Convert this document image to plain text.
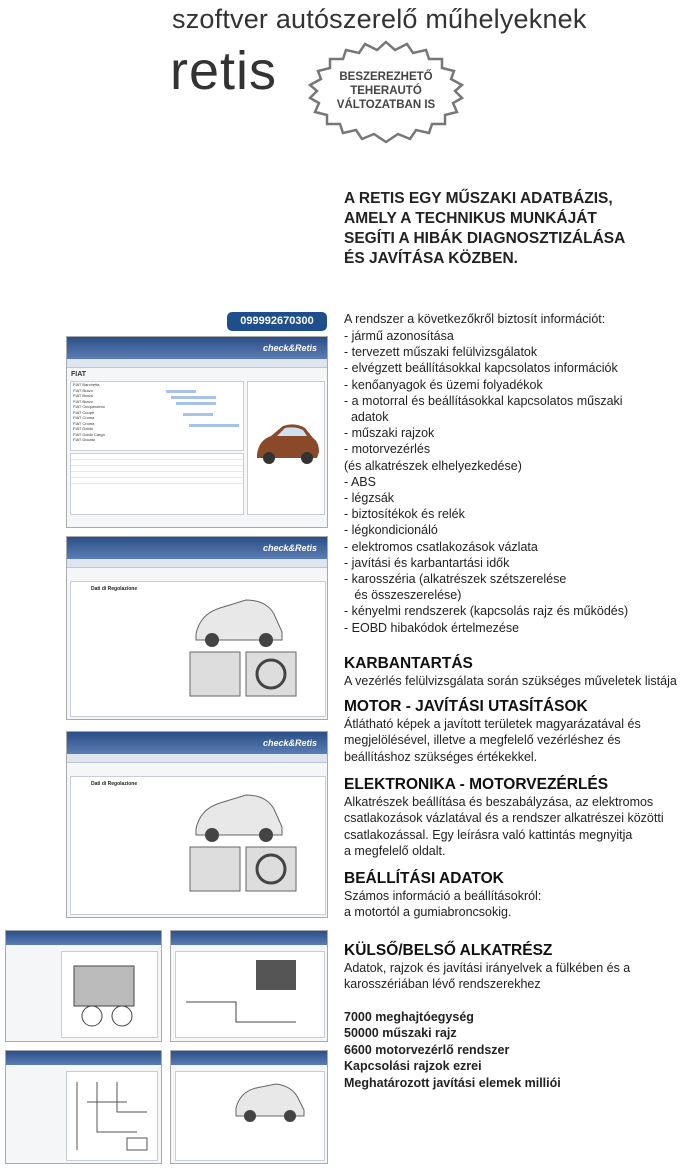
szoftver autószerelő műhelyeknek
retis	BESZEREZHETŐ
TEHERAUTÓ
VÁLTOZATBAN IS
A RETIS EGY MŰSZAKI ADATBÁZIS,
AMELY A TECHNIKUS MUNKÁJÁT
SEGÍTI A HIBÁK DIAGNOSZTIZÁLÁSA
ÉS JAVÍTÁSA KÖZBEN.
099992670300	A rendszer a következőkről biztosít információt:
- jármű azonosítása
- tervezett műszaki felülvizsgálatok
- elvégzett beállításokkal kapcsolatos információk
- kenőanyagok és üzemi folyadékok
- a motorral és beállításokkal kapcsolatos műszaki
adatok
- műszaki rajzok
- motorvezérlés
(és alkatrészek elhelyezkedése)
- ABS
- légzsák
- biztosítékok és relék
- légkondicionáló
- elektromos csatlakozások vázlata
- javítási és karbantartási idők
- karosszéria (alkatrészek szétszerelése
és összeszerelése)
- kényelmi rendszerek (kapcsolás rajz és működés)
- EOBD hibakódok értelmezése
KARBANTARTÁS
A vezérlés felülvizsgálata során szükséges műveletek listája
MOTOR - JAVÍTÁSI UTASÍTÁSOK
Átlátható képek a javított területek magyarázatával és
megjelölésével, illetve a megfelelő vezérléshez és
beállításhoz szükséges értékekkel.
ELEKTRONIKA - MOTORVEZÉRLÉS
Alkatrészek beállítása és beszabályzása, az elektromos
csatlakozások vázlatával és a rendszer alkatrészei közötti
csatlakozással. Egy leírásra való kattintás megnyitja
a megfelelő oldalt.
BEÁLLÍTÁSI ADATOK
Számos információ a beállításokról:
a motortól a gumiabroncsokig.
KÜLSŐ/BELSŐ ALKATRÉSZ
Adatok, rajzok és javítási irányelvek a fülkében és a
karosszériában lévő rendszerekhez
7000 meghajtóegység
50000 műszaki rajz
6600 motorvezérlő rendszer
Kapcsolási rajzok ezrei
Meghatározott javítási elemek milliói
check&Retis
FIAT
FIAT Barchetta
FIAT Bravo
FIAT Brava
FIAT Bravo
FIAT Cinquecento
FIAT Coupé
FIAT Croma
FIAT Croma
FIAT Doblò
FIAT Doblò Cargo
FIAT Ducato
check&Retis
Dati di Regolazione
check&Retis
Dati di Regolazione
